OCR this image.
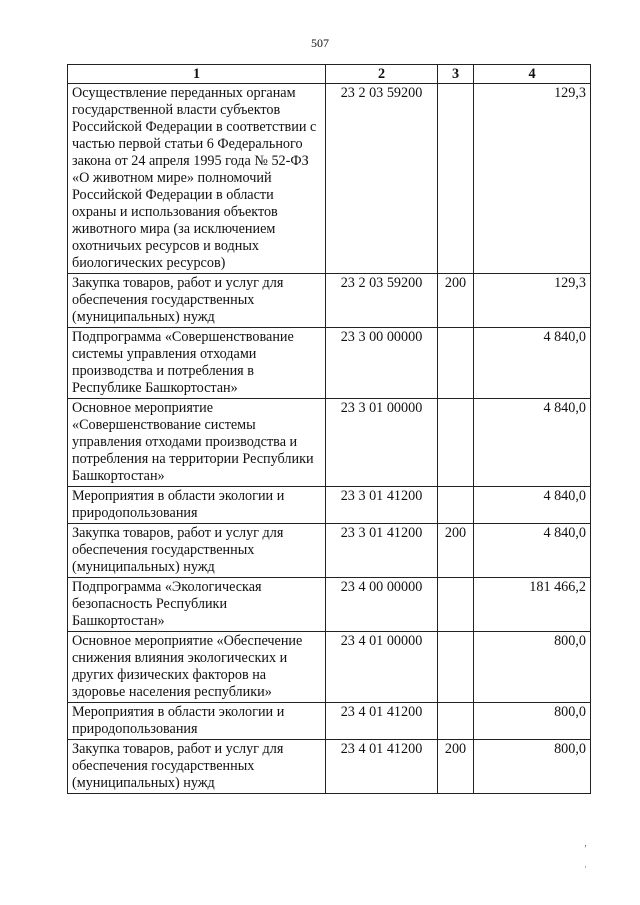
507
1	2	3	4
Осуществление переданных органам государственной власти субъектов Российской Федерации в соответствии с частью первой статьи 6 Федерального закона от 24 апреля 1995 года № 52-ФЗ «О животном мире» полномочий Российской Федерации в области охраны и использования объектов животного мира (за исключением охотничьих ресурсов и водных биологических ресурсов)	23 2 03 59200		129,3
Закупка товаров, работ и услуг для обеспечения государственных (муниципальных) нужд	23 2 03 59200	200	129,3
Подпрограмма «Совершенствование системы управления отходами производства и потребления в Республике Башкортостан»	23 3 00 00000		4 840,0
Основное мероприятие «Совершенствование системы управления отходами производства и потребления на территории Республики Башкортостан»	23 3 01 00000		4 840,0
Мероприятия в области экологии и природопользования	23 3 01 41200		4 840,0
Закупка товаров, работ и услуг для обеспечения государственных (муниципальных) нужд	23 3 01 41200	200	4 840,0
Подпрограмма «Экологическая безопасность Республики Башкортостан»	23 4 00 00000		181 466,2
Основное мероприятие «Обеспечение снижения влияния экологических и других физических факторов на здоровье населения республики»	23 4 01 00000		800,0
Мероприятия в области экологии и природопользования	23 4 01 41200		800,0
Закупка товаров, работ и услуг для обеспечения государственных (муниципальных) нужд	23 4 01 41200	200	800,0
‚
·
